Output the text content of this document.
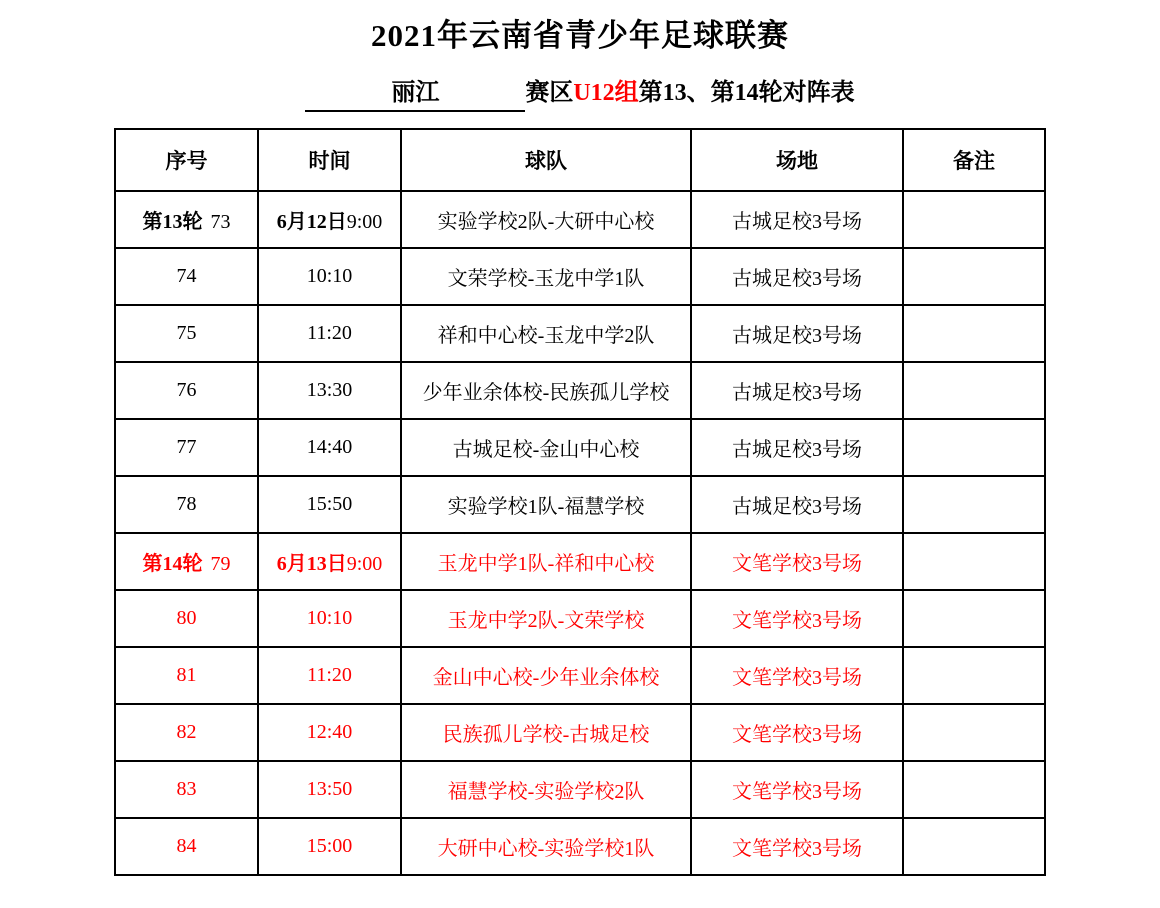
2021年云南省青少年足球联赛
丽江	赛区U12组第13、第14轮对阵表
序号	时间	球队	场地	备注
第13轮 73	6月12日9:00	实验学校2队-大研中心校	古城足校3号场	
74	10:10	文荣学校-玉龙中学1队	古城足校3号场	
75	11:20	祥和中心校-玉龙中学2队	古城足校3号场	
76	13:30	少年业余体校-民族孤儿学校	古城足校3号场	
77	14:40	古城足校-金山中心校	古城足校3号场	
78	15:50	实验学校1队-福慧学校	古城足校3号场	
第14轮 79	6月13日9:00	玉龙中学1队-祥和中心校	文笔学校3号场	
80	10:10	玉龙中学2队-文荣学校	文笔学校3号场	
81	11:20	金山中心校-少年业余体校	文笔学校3号场	
82	12:40	民族孤儿学校-古城足校	文笔学校3号场	
83	13:50	福慧学校-实验学校2队	文笔学校3号场	
84	15:00	大研中心校-实验学校1队	文笔学校3号场	
